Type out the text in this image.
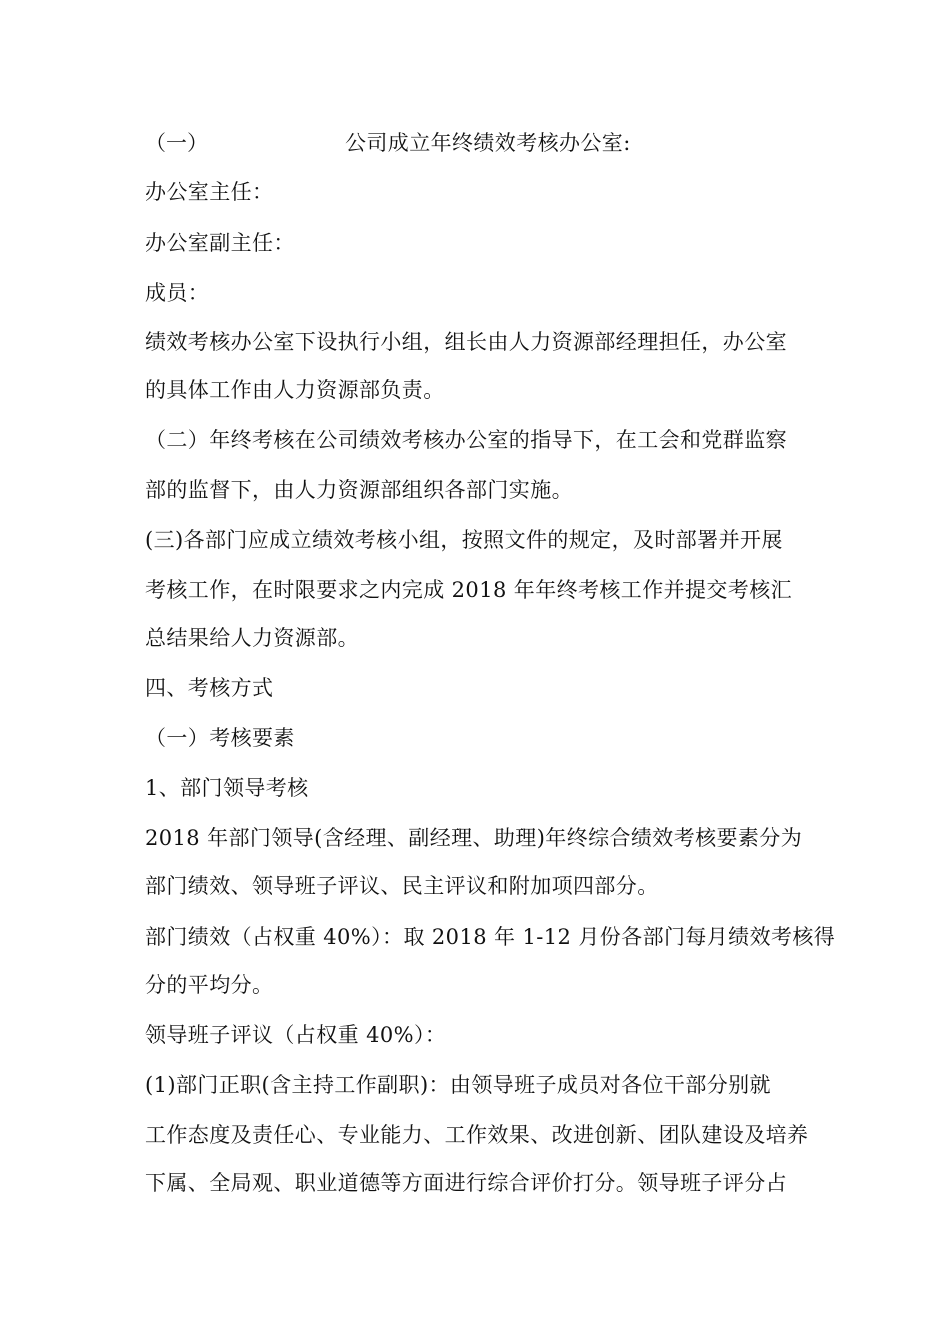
（一）	公司成立年终绩效考核办公室:
办公室主任：
办公室副主任：
成员：
绩效考核办公室下设执行小组，组长由人力资源部经理担任，办公室
的具体工作由人力资源部负责。
（二）年终考核在公司绩效考核办公室的指导下，在工会和党群监察
部的监督下，由人力资源部组织各部门实施。
(三)各部门应成立绩效考核小组，按照文件的规定，及时部署并开展
考核工作，在时限要求之内完成 2018 年年终考核工作并提交考核汇
总结果给人力资源部。
四、考核方式
（一）考核要素
1、部门领导考核
2018 年部门领导(含经理、副经理、助理)年终综合绩效考核要素分为
部门绩效、领导班子评议、民主评议和附加项四部分。
部门绩效（占权重 40%）：取 2018 年 1-12 月份各部门每月绩效考核得
分的平均分。
领导班子评议（占权重 40%）：
(1)部门正职(含主持工作副职)：由领导班子成员对各位干部分别就
工作态度及责任心、专业能力、工作效果、改进创新、团队建设及培养
下属、全局观、职业道德等方面进行综合评价打分。领导班子评分占
